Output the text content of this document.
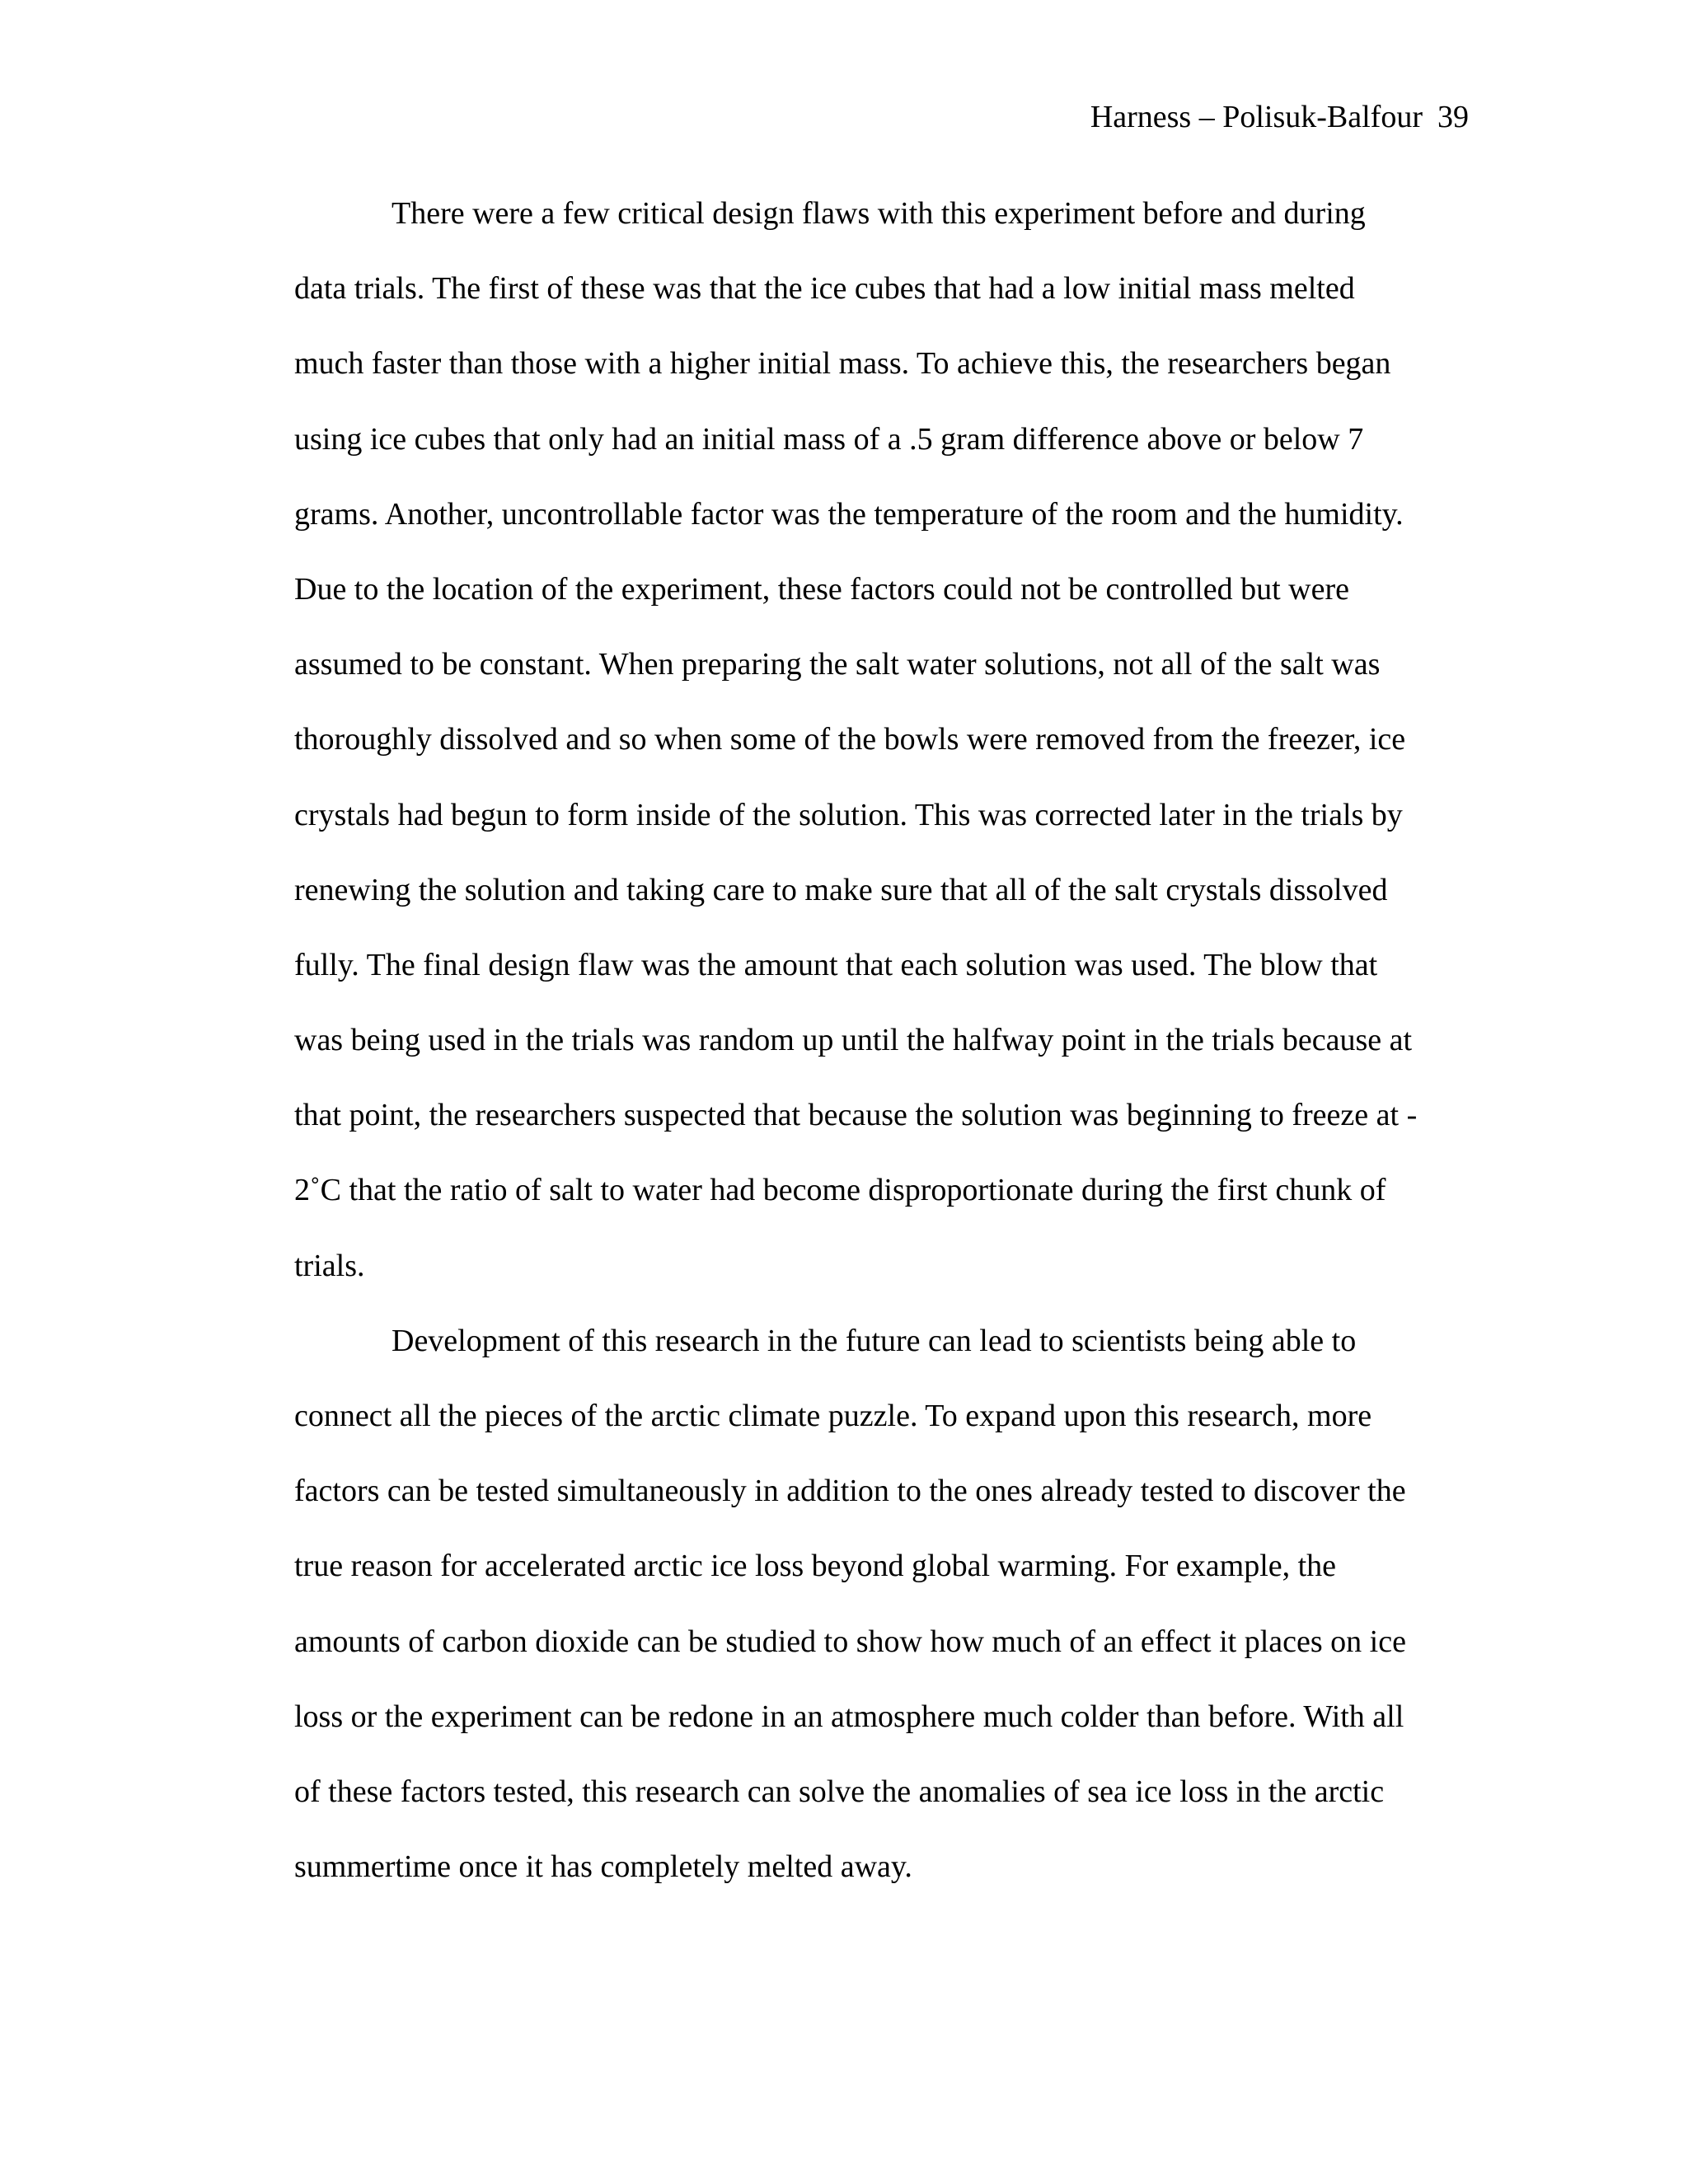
Harness – Polisuk-Balfour 39
There were a few critical design flaws with this experiment before and during
data trials. The first of these was that the ice cubes that had a low initial mass melted
much faster than those with a higher initial mass. To achieve this, the researchers began
using ice cubes that only had an initial mass of a .5 gram difference above or below 7
grams. Another, uncontrollable factor was the temperature of the room and the humidity.
Due to the location of the experiment, these factors could not be controlled but were
assumed to be constant. When preparing the salt water solutions, not all of the salt was
thoroughly dissolved and so when some of the bowls were removed from the freezer, ice
crystals had begun to form inside of the solution. This was corrected later in the trials by
renewing the solution and taking care to make sure that all of the salt crystals dissolved
fully. The final design flaw was the amount that each solution was used. The blow that
was being used in the trials was random up until the halfway point in the trials because at
that point, the researchers suspected that because the solution was beginning to freeze at -
2˚C that the ratio of salt to water had become disproportionate during the first chunk of
trials.
Development of this research in the future can lead to scientists being able to
connect all the pieces of the arctic climate puzzle. To expand upon this research, more
factors can be tested simultaneously in addition to the ones already tested to discover the
true reason for accelerated arctic ice loss beyond global warming. For example, the
amounts of carbon dioxide can be studied to show how much of an effect it places on ice
loss or the experiment can be redone in an atmosphere much colder than before. With all
of these factors tested, this research can solve the anomalies of sea ice loss in the arctic
summertime once it has completely melted away.
